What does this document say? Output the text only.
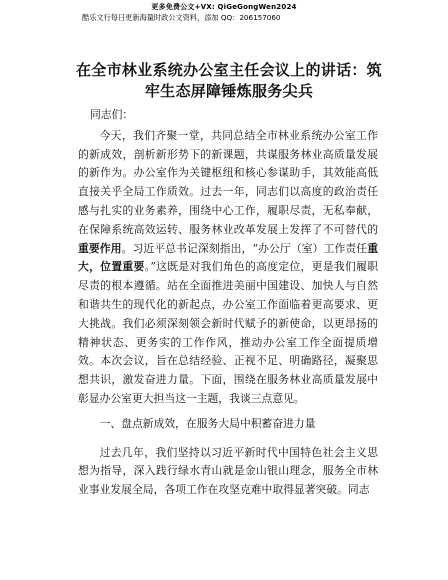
更多免费公文+VX: QiGeGongWen2024
酷乐文行每日更新海量时政公文资料，添加 QQ：206157060
在全市林业系统办公室主任会议上的讲话：筑牢生态屏障锤炼服务尖兵

同志们：

今天，我们齐聚一堂，共同总结全市林业系统办公室工作的新成效，剖析新形势下的新课题，共谋服务林业高质量发展的新作为。办公室作为关键枢纽和核心参谋助手，其效能高低直接关乎全局工作质效。过去一年，同志们以高度的政治责任感与扎实的业务素养，围绕中心工作，履职尽责，无私奉献，在保障系统高效运转、服务林业改革发展上发挥了不可替代的重要作用。习近平总书记深刻指出，“办公厅（室）工作责任重大，位置重要。”这既是对我们角色的高度定位，更是我们履职尽责的根本遵循。站在全面推进美丽中国建设、加快人与自然和谐共生的现代化的新起点，办公室工作面临着更高要求、更大挑战。我们必须深刻领会新时代赋予的新使命，以更昂扬的精神状态、更务实的工作作风，推动办公室工作全面提质增效。本次会议，旨在总结经验、正视不足、明确路径，凝聚思想共识，激发奋进力量。下面，围绕在服务林业高质量发展中彰显办公室更大担当这一主题，我谈三点意见。

一、盘点新成效，在服务大局中积蓄奋进力量

过去几年，我们坚持以习近平新时代中国特色社会主义思想为指导，深入践行绿水青山就是金山银山理念，服务全市林业事业发展全局，各项工作在攻坚克难中取得显著突破。同志
